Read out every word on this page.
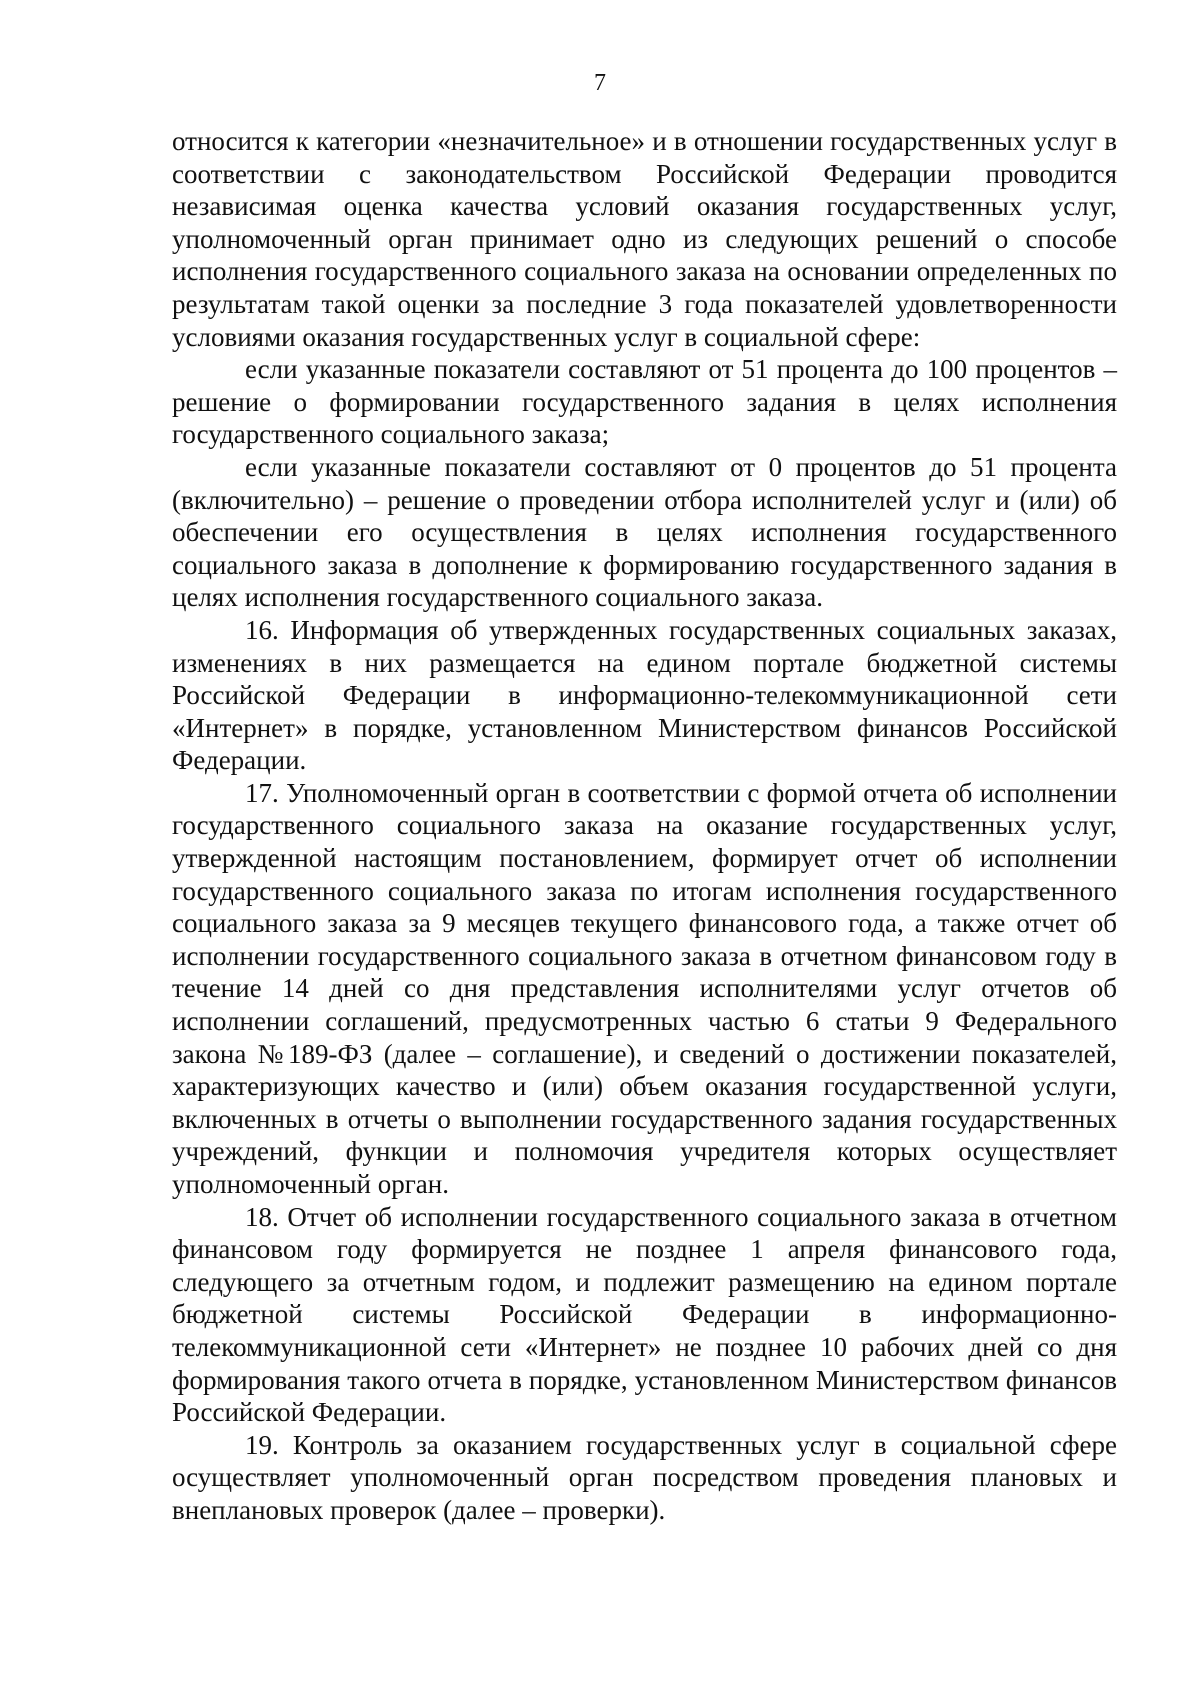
7

относится к категории «незначительное» и в отношении государственных услуг в соответствии с законодательством Российской Федерации проводится независимая оценка качества условий оказания государственных услуг, уполномоченный орган принимает одно из следующих решений о способе исполнения государственного социального заказа на основании определенных по результатам такой оценки за последние 3 года показателей удовлетворенности условиями оказания государственных услуг в социальной сфере:

если указанные показатели составляют от 51 процента до 100 процентов – решение о формировании государственного задания в целях исполнения государственного социального заказа;

если указанные показатели составляют от 0 процентов до 51 процента (включительно) – решение о проведении отбора исполнителей услуг и (или) об обеспечении его осуществления в целях исполнения государственного социального заказа в дополнение к формированию государственного задания в целях исполнения государственного социального заказа.

16. Информация об утвержденных государственных социальных заказах, изменениях в них размещается на едином портале бюджетной системы Российской Федерации в информационно-телекоммуникационной сети «Интернет» в порядке, установленном Министерством финансов Российской Федерации.

17. Уполномоченный орган в соответствии с формой отчета об исполнении государственного социального заказа на оказание государственных услуг, утвержденной настоящим постановлением, формирует отчет об исполнении государственного социального заказа по итогам исполнения государственного социального заказа за 9 месяцев текущего финансового года, а также отчет об исполнении государственного социального заказа в отчетном финансовом году в течение 14 дней со дня представления исполнителями услуг отчетов об исполнении соглашений, предусмотренных частью 6 статьи 9 Федерального закона №189-ФЗ (далее – соглашение), и сведений о достижении показателей, характеризующих качество и (или) объем оказания государственной услуги, включенных в отчеты о выполнении государственного задания государственных учреждений, функции и полномочия учредителя которых осуществляет уполномоченный орган.

18. Отчет об исполнении государственного социального заказа в отчетном финансовом году формируется не позднее 1 апреля финансового года, следующего за отчетным годом, и подлежит размещению на едином портале бюджетной системы Российской Федерации в информационно-телекоммуникационной сети «Интернет» не позднее 10 рабочих дней со дня формирования такого отчета в порядке, установленном Министерством финансов Российской Федерации.

19. Контроль за оказанием государственных услуг в социальной сфере осуществляет уполномоченный орган посредством проведения плановых и внеплановых проверок (далее – проверки).
